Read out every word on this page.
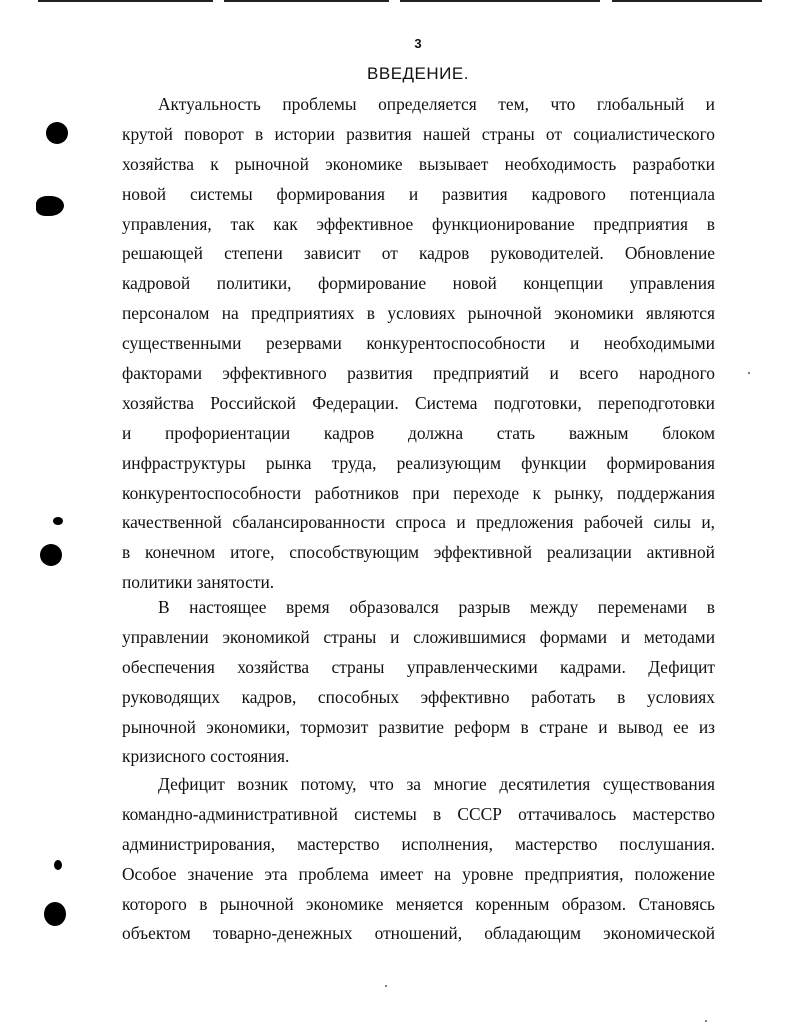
3
ВВЕДЕНИЕ.
Актуальность проблемы определяется тем, что глобальный и
крутой поворот в истории развития нашей страны от социалистического
хозяйства к рыночной экономике вызывает необходимость разработки
новой системы формирования и развития кадрового потенциала
управления, так как эффективное функционирование предприятия в
решающей степени зависит от кадров руководителей. Обновление
кадровой политики, формирование новой концепции управления
персоналом на предприятиях в условиях рыночной экономики являются
существенными резервами конкурентоспособности и необходимыми
факторами эффективного развития предприятий и всего народного
хозяйства Российской Федерации. Система подготовки, переподготовки
и профориентации кадров должна стать важным блоком
инфраструктуры рынка труда, реализующим функции формирования
конкурентоспособности работников при переходе к рынку, поддержания
качественной сбалансированности спроса и предложения рабочей силы и,
в конечном итоге, способствующим эффективной реализации активной
политики занятости.
В настоящее время образовался разрыв между переменами в
управлении экономикой страны и сложившимися формами и методами
обеспечения хозяйства страны управленческими кадрами. Дефицит
руководящих кадров, способных эффективно работать в условиях
рыночной экономики, тормозит развитие реформ в стране и вывод ее из
кризисного состояния.
Дефицит возник потому, что за многие десятилетия существования
командно-административной системы в СССР оттачивалось мастерство
администрирования, мастерство исполнения, мастерство послушания.
Особое значение эта проблема имеет на уровне предприятия, положение
которого в рыночной экономике меняется коренным образом. Становясь
объектом товарно-денежных отношений, обладающим экономической
